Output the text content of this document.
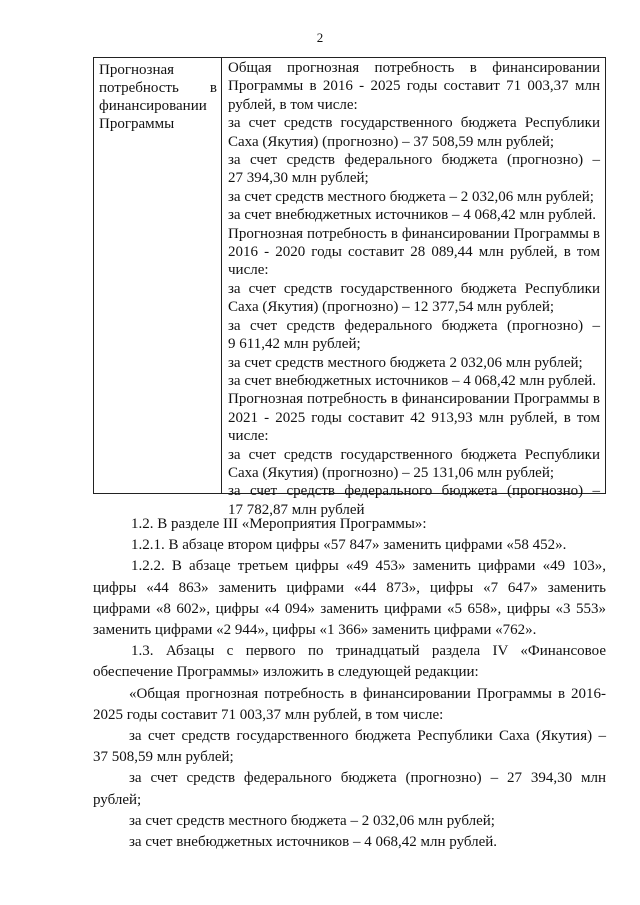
2
Прогнозная
потребность в
финансировании
Программы
Общая прогнозная потребность в финансировании
Программы в 2016 - 2025 годы составит 71 003,37 млн
рублей, в том числе:
за счет средств государственного бюджета Республики
Саха (Якутия) (прогнозно) – 37 508,59 млн рублей;
за счет средств федерального бюджета (прогнозно) –
27 394,30 млн рублей;
за счет средств местного бюджета – 2 032,06 млн рублей;
за счет внебюджетных источников – 4 068,42 млн рублей.
Прогнозная потребность в финансировании Программы в
2016 - 2020 годы составит 28 089,44 млн рублей, в том
числе:
за счет средств государственного бюджета Республики
Саха (Якутия) (прогнозно) – 12 377,54 млн рублей;
за счет средств федерального бюджета (прогнозно) –
9 611,42 млн рублей;
за счет средств местного бюджета 2 032,06 млн рублей;
за счет внебюджетных источников – 4 068,42 млн рублей.
Прогнозная потребность в финансировании Программы в
2021 - 2025 годы составит 42 913,93 млн рублей, в том
числе:
за счет средств государственного бюджета Республики
Саха (Якутия) (прогнозно) – 25 131,06 млн рублей;
за счет средств федерального бюджета (прогнозно) –
17 782,87 млн рублей
1.2. В разделе III «Мероприятия Программы»:
1.2.1. В абзаце втором цифры «57 847» заменить цифрами «58 452».
1.2.2. В абзаце третьем цифры «49 453» заменить цифрами «49 103»,
цифры «44 863» заменить цифрами «44 873», цифры «7 647» заменить
цифрами «8 602», цифры «4 094» заменить цифрами «5 658», цифры «3 553»
заменить цифрами «2 944», цифры «1 366» заменить цифрами «762».
1.3. Абзацы с первого по тринадцатый раздела IV «Финансовое
обеспечение Программы» изложить в следующей редакции:
«Общая прогнозная потребность в финансировании Программы в 2016-
2025 годы составит 71 003,37 млн рублей, в том числе:
за счет средств государственного бюджета Республики Саха (Якутия) –
37 508,59 млн рублей;
за счет средств федерального бюджета (прогнозно) – 27 394,30 млн
рублей;
за счет средств местного бюджета – 2 032,06 млн рублей;
за счет внебюджетных источников – 4 068,42 млн рублей.
